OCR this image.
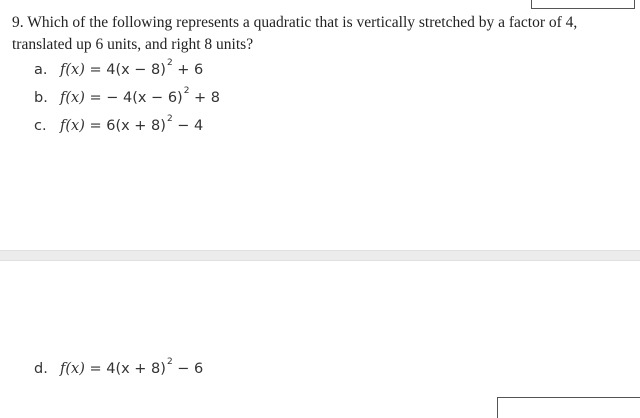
9. Which of the following represents a quadratic that is vertically stretched by a factor of 4, translated up 6 units, and right 8 units?
a. $f(x) = 4(x - 8)^2 + 6$
b. f(x) = − $4(x - 6)^2 + 8$
c. $f(x) = 6(x + 8)^2 - 4$
d. $f(x) = 4(x + 8)^2 - 6$
